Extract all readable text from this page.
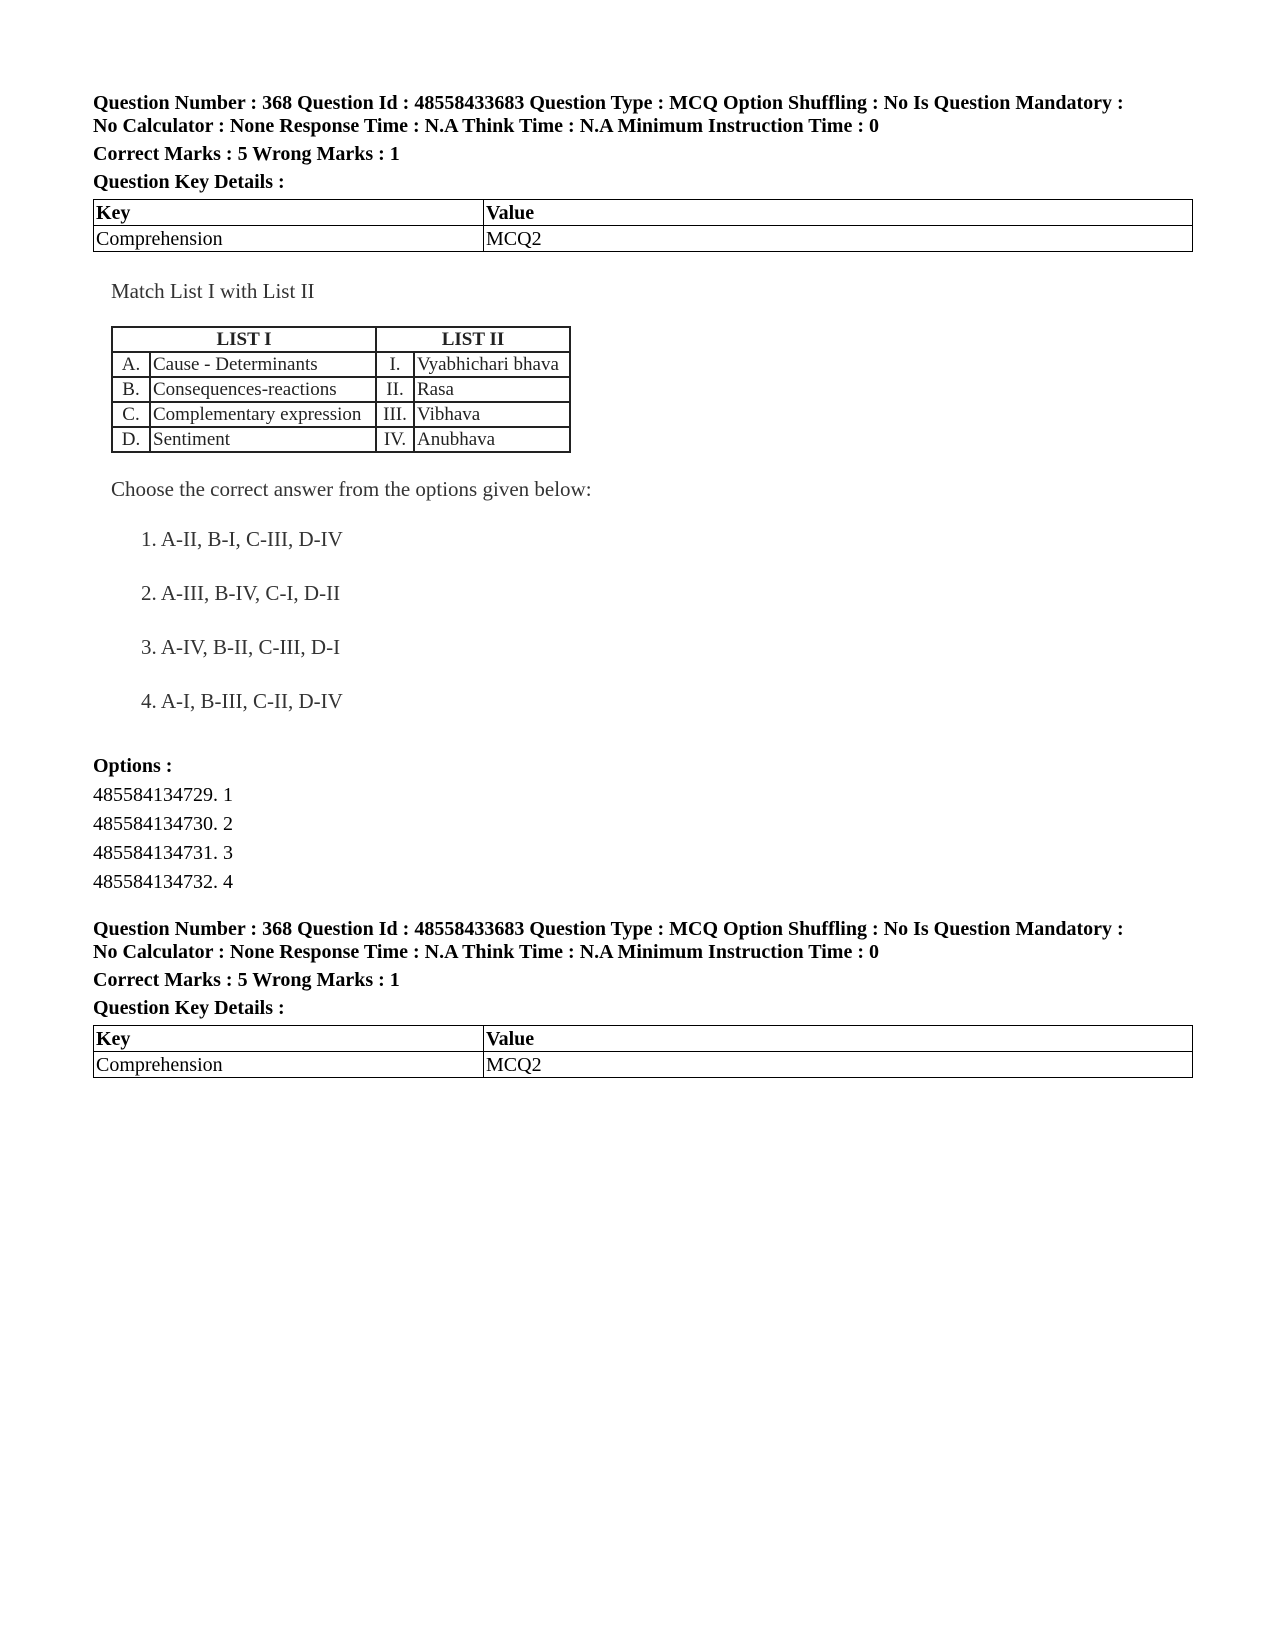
Question Number : 368 Question Id : 48558433683 Question Type : MCQ Option Shuffling : No Is Question Mandatory :
No Calculator : None Response Time : N.A Think Time : N.A Minimum Instruction Time : 0
Correct Marks : 5 Wrong Marks : 1
Question Key Details :
Key	Value
Comprehension	MCQ2
Match List I with List II
LIST I		LIST II	
A.	Cause - Determinants	I.	Vyabhichari bhava
B.	Consequences-reactions	II.	Rasa
C.	Complementary expression	III.	Vibhava
D.	Sentiment	IV.	Anubhava
Choose the correct answer from the options given below:
1. A-II, B-I, C-III, D-IV
2. A-III, B-IV, C-I, D-II
3. A-IV, B-II, C-III, D-I
4. A-I, B-III, C-II, D-IV
Options :
485584134729. 1
485584134730. 2
485584134731. 3
485584134732. 4
Question Number : 368 Question Id : 48558433683 Question Type : MCQ Option Shuffling : No Is Question Mandatory :
No Calculator : None Response Time : N.A Think Time : N.A Minimum Instruction Time : 0
Correct Marks : 5 Wrong Marks : 1
Question Key Details :
Key	Value
Comprehension	MCQ2
